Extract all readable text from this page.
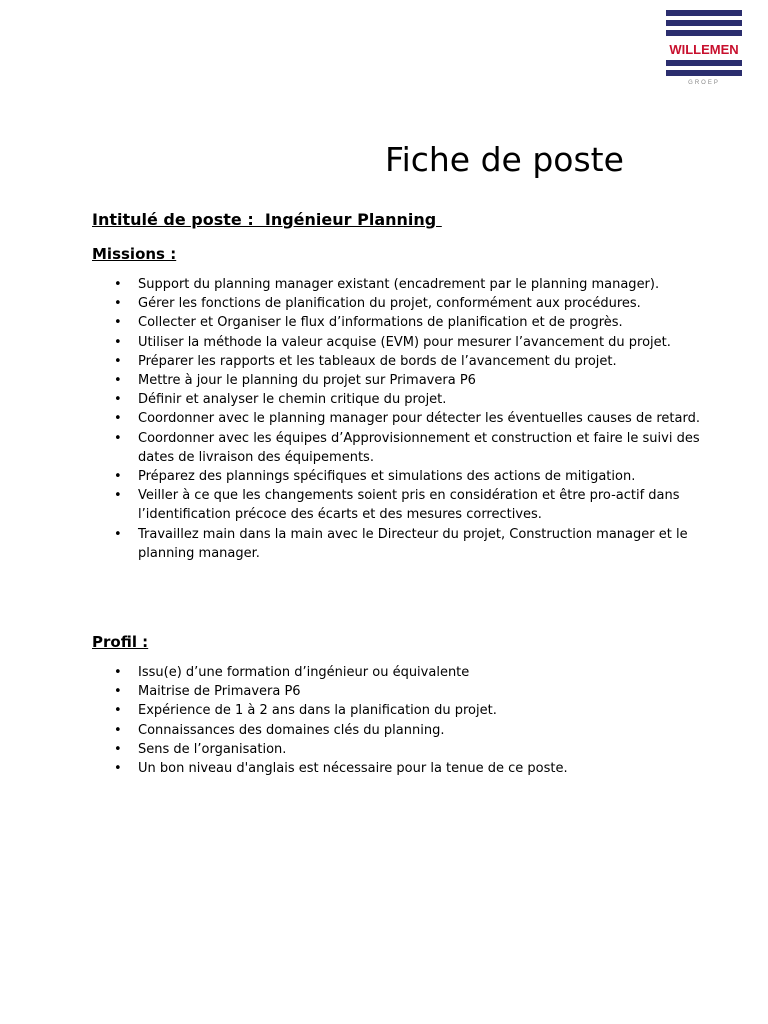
WILLEMEN
GROEP
Fiche de poste

Intitulé de poste :  Ingénieur Planning

Missions :

• Support du planning manager existant (encadrement par le planning manager).
• Gérer les fonctions de planification du projet, conformément aux procédures.
• Collecter et Organiser le flux d’informations de planification et de progrès.
• Utiliser la méthode la valeur acquise (EVM) pour mesurer l’avancement du projet.
• Préparer les rapports et les tableaux de bords de l’avancement du projet.
• Mettre à jour le planning du projet sur Primavera P6
• Définir et analyser le chemin critique du projet.
• Coordonner avec le planning manager pour détecter les éventuelles causes de retard.
• Coordonner avec les équipes d’Approvisionnement et construction et faire le suivi des dates de livraison des équipements.
• Préparez des plannings spécifiques et simulations des actions de mitigation.
• Veiller à ce que les changements soient pris en considération et être pro-actif dans l’identification précoce des écarts et des mesures correctives.
• Travaillez main dans la main avec le Directeur du projet, Construction manager et le planning manager.

Profil :

• Issu(e) d’une formation d’ingénieur ou équivalente
• Maitrise de Primavera P6
• Expérience de 1 à 2 ans dans la planification du projet.
• Connaissances des domaines clés du planning.
• Sens de l’organisation.
• Un bon niveau d'anglais est nécessaire pour la tenue de ce poste.
